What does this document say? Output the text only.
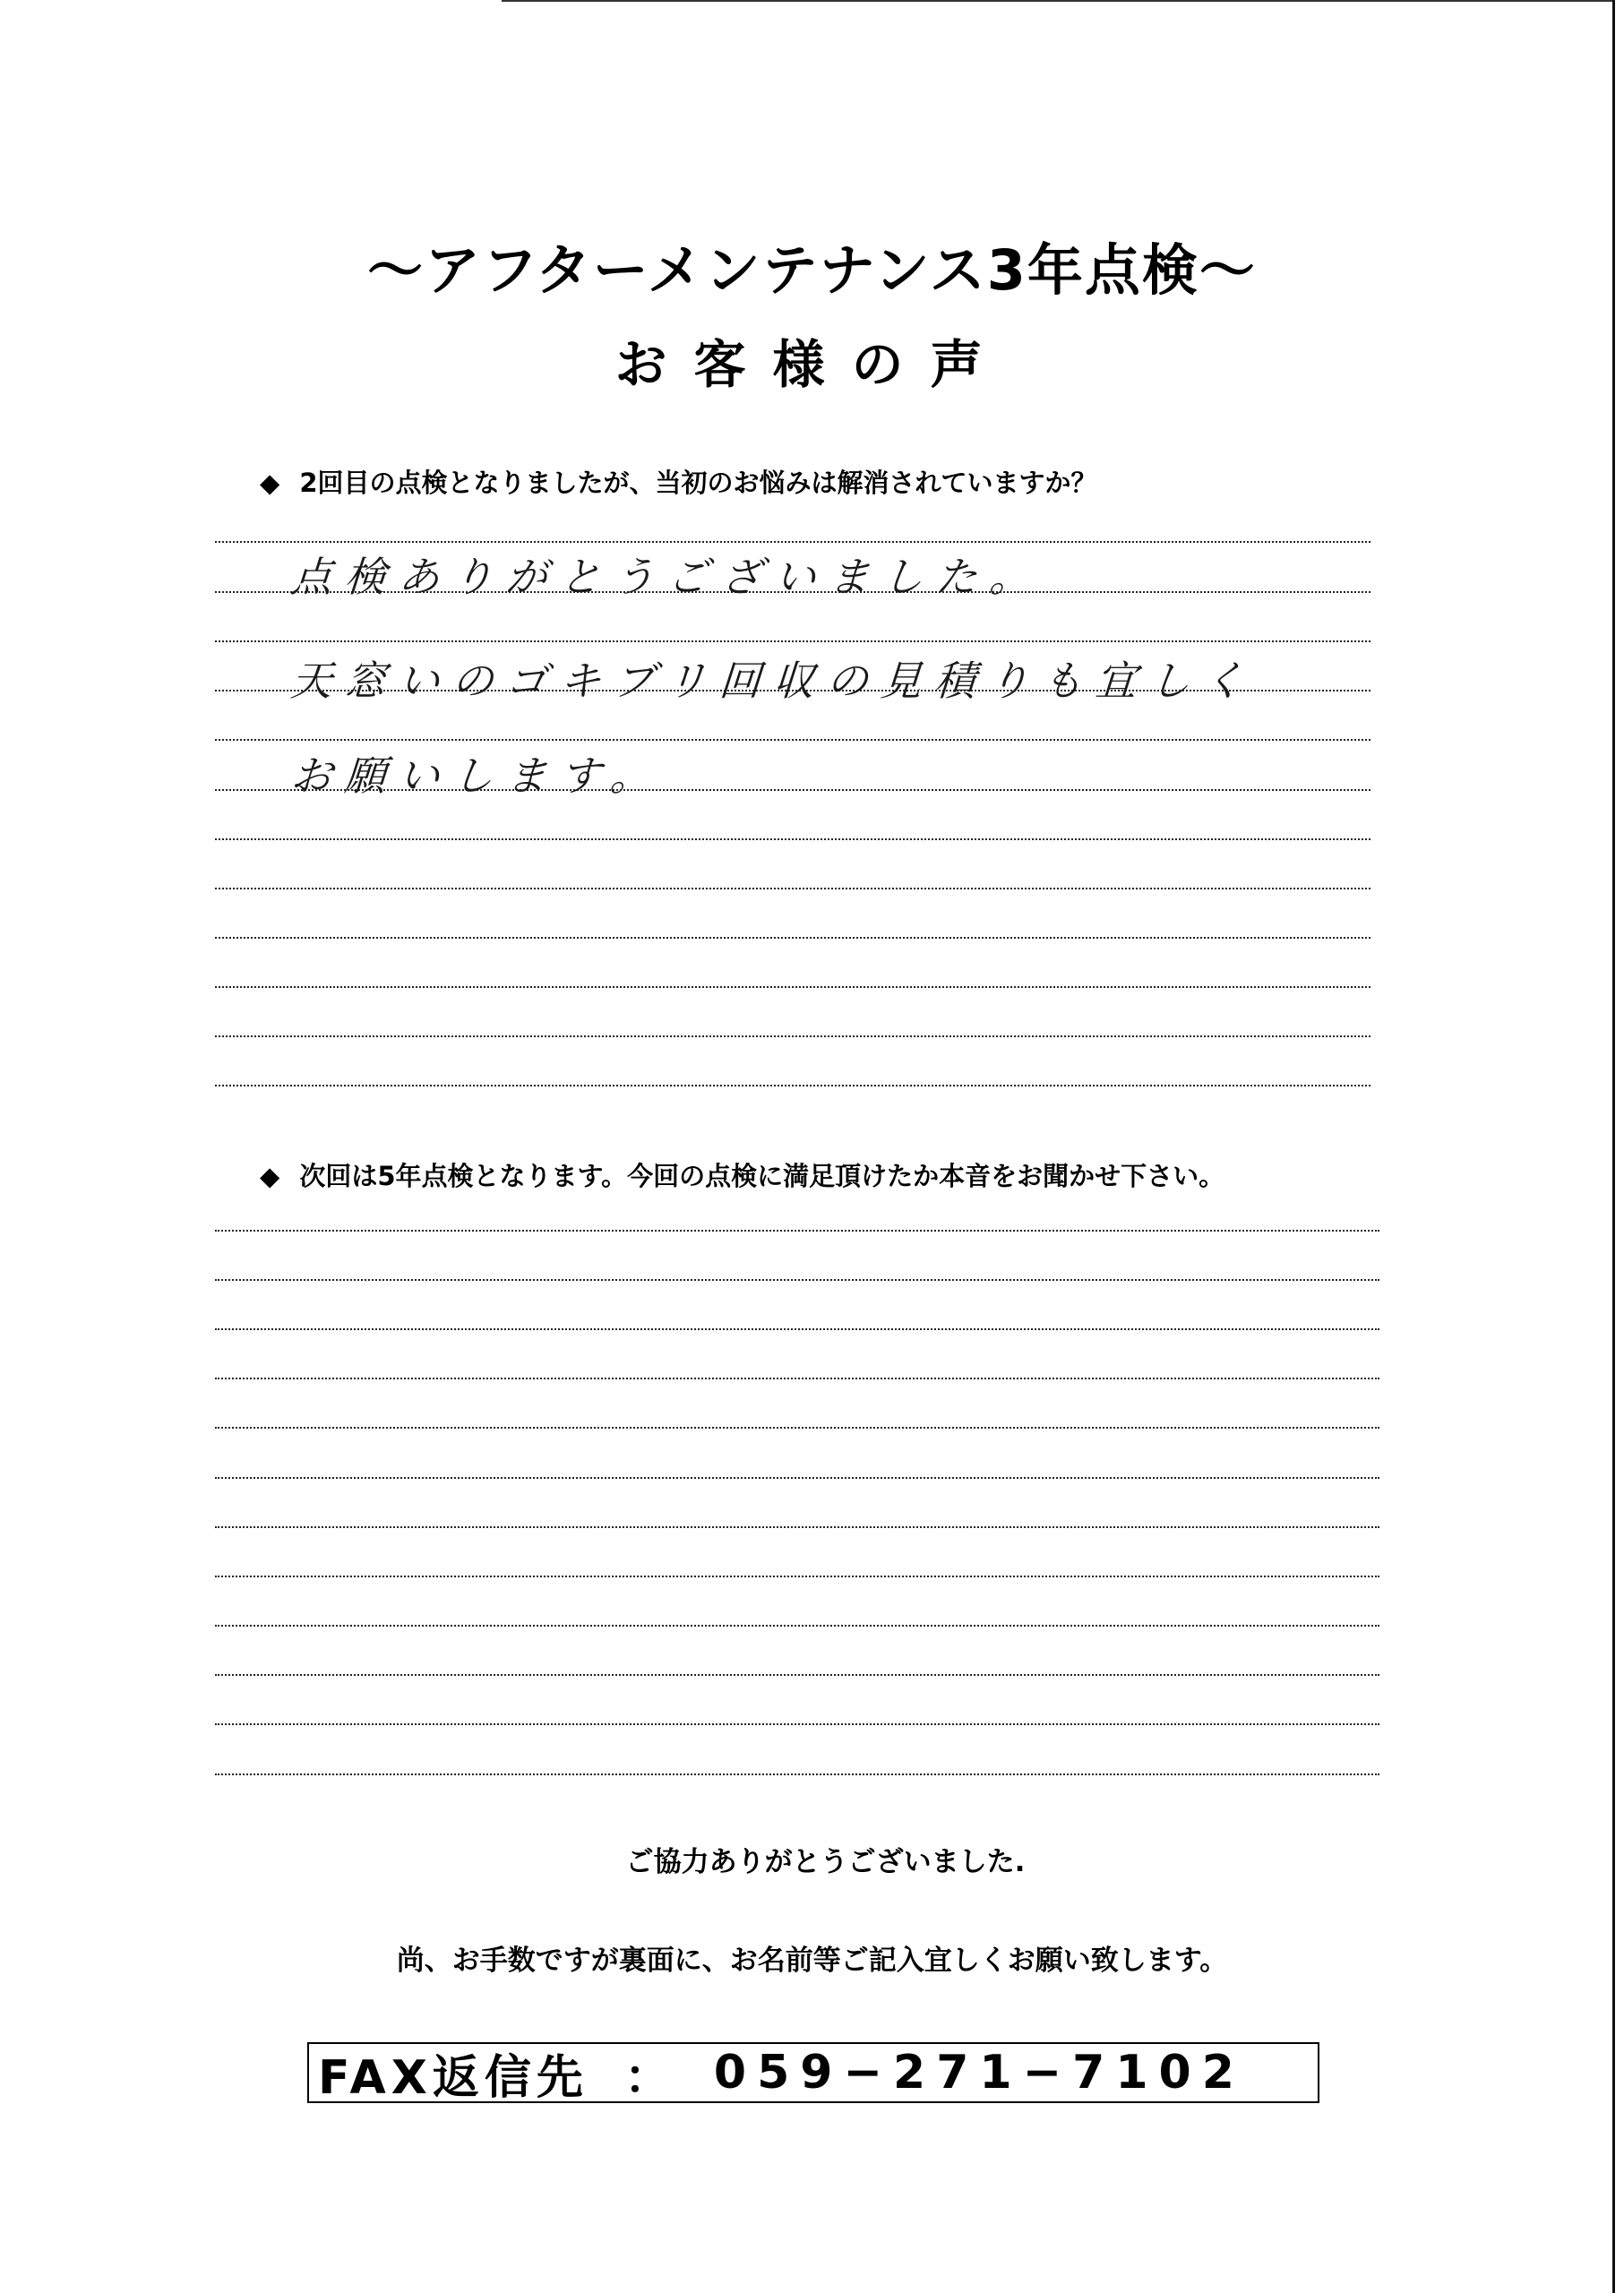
〜アフターメンテナンス3年点検〜
お客様の声
◆ 2回目の点検となりましたが、当初のお悩みは解消されていますか？
点検ありがとうございました。
天窓いのゴキブリ回収の見積りも宜しく
お願いします。
◆ 次回は5年点検となります。今回の点検に満足頂けたか本音をお聞かせ下さい。
ご協力ありがとうございました.
尚、お手数ですが裏面に、お名前等ご記入宜しくお願い致します。
FAX返信先 ： 059−271−7102
